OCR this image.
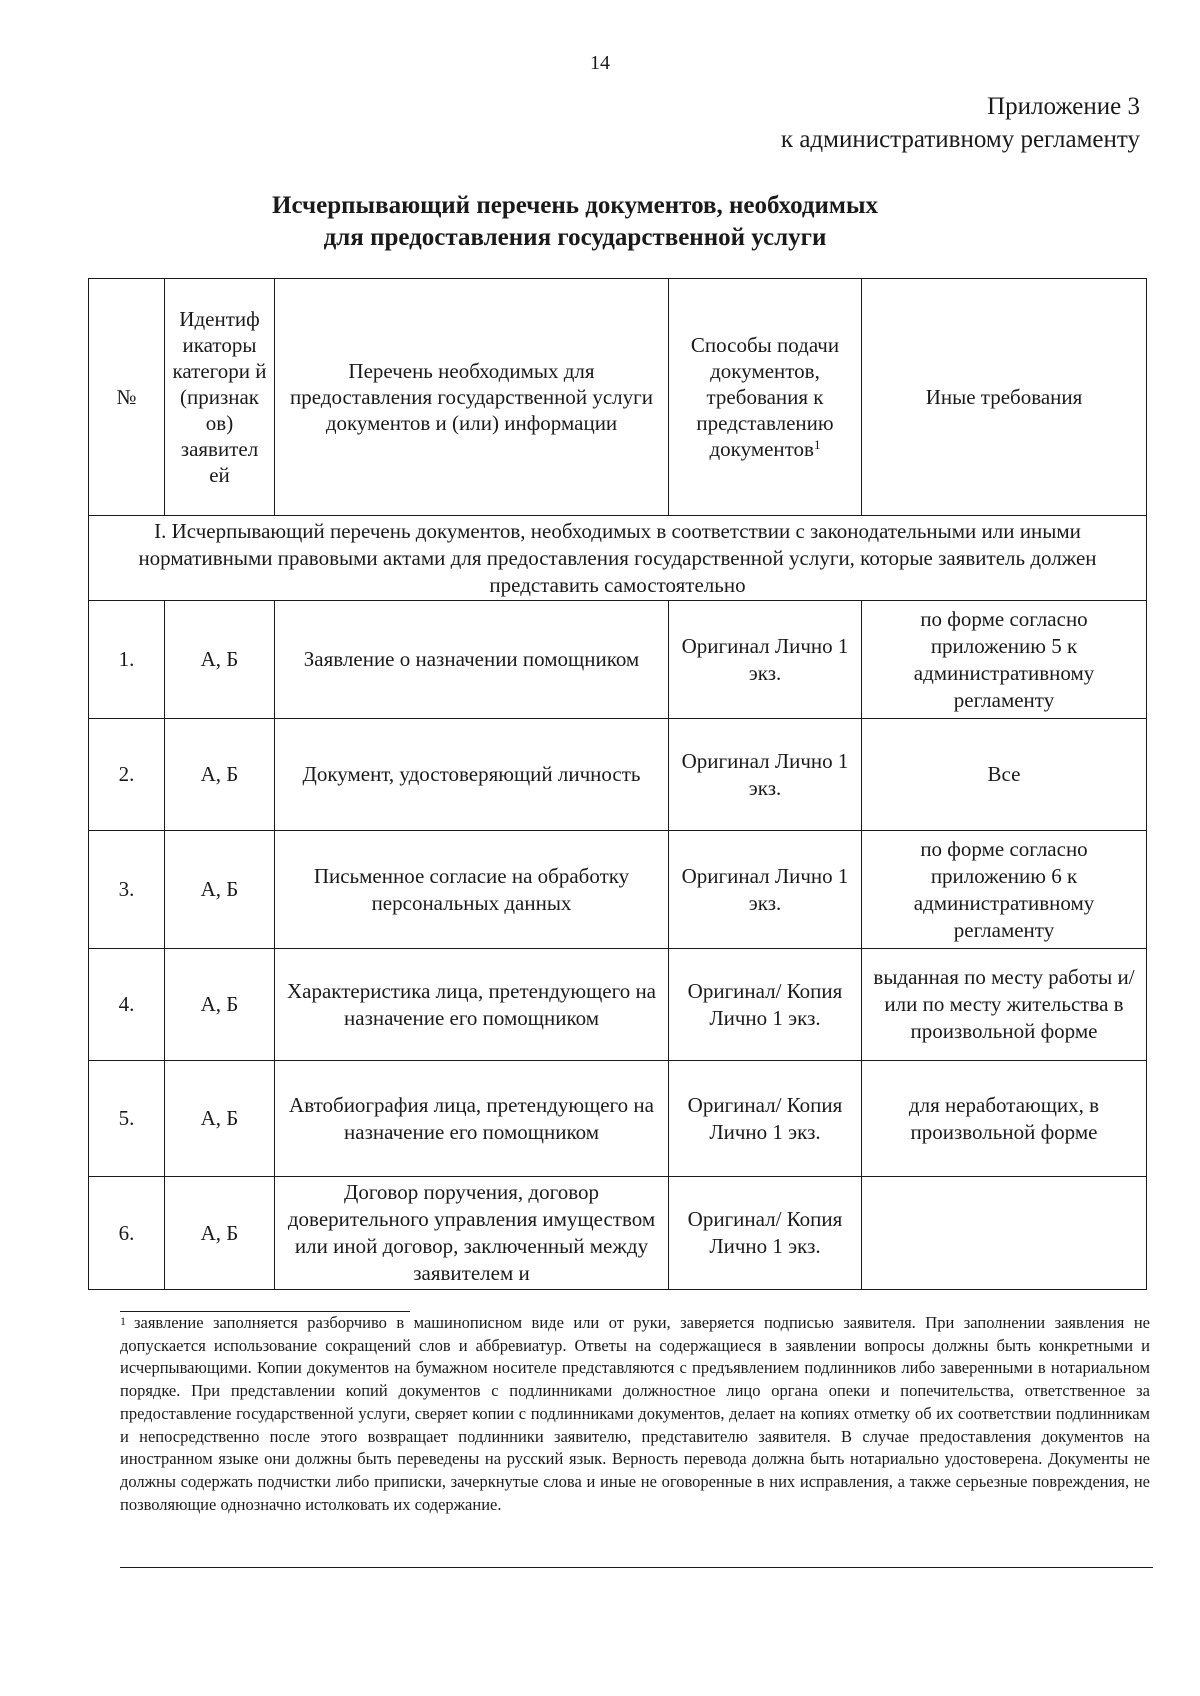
14
Приложение 3
к административному регламенту
Исчерпывающий перечень документов, необходимых
для предоставления государственной услуги
№	Идентиф икаторы категори й (признак ов) заявител ей	Перечень необходимых для предоставления государственной услуги документов и (или) информации	Способы подачи документов, требования к представлению документов$^1$	Иные требования
I. Исчерпывающий перечень документов, необходимых в соответствии с законодательными или иными нормативными правовыми актами для предоставления государственной услуги, которые заявитель должен представить самостоятельно				
1.	А, Б	Заявление о назначении помощником	Оригинал Лично 1 экз.	по форме согласно приложению 5 к административному регламенту
2.	А, Б	Документ, удостоверяющий личность	Оригинал Лично 1 экз.	Все
3.	А, Б	Письменное согласие на обработку персональных данных	Оригинал Лично 1 экз.	по форме согласно приложению 6 к административному регламенту
4.	А, Б	Характеристика лица, претендующего на назначение его помощником	Оригинал/ Копия Лично 1 экз.	выданная по месту работы и/или по месту жительства в произвольной форме
5.	А, Б	Автобиография лица, претендующего на назначение его помощником	Оригинал/ Копия Лично 1 экз.	для неработающих, в произвольной форме
6.	А, Б	Договор поручения, договор доверительного управления имуществом или иной договор, заключенный между заявителем и	Оригинал/ Копия Лично 1 экз.	
$^1$ заявление заполняется разборчиво в машинописном виде или от руки, заверяется подписью заявителя. При заполнении заявления не допускается использование сокращений слов и аббревиатур. Ответы на содержащиеся в заявлении вопросы должны быть конкретными и исчерпывающими. Копии документов на бумажном носителе представляются с предъявлением подлинников либо заверенными в нотариальном порядке. При представлении копий документов с подлинниками должностное лицо органа опеки и попечительства, ответственное за предоставление государственной услуги, сверяет копии с подлинниками документов, делает на копиях отметку об их соответствии подлинникам и непосредственно после этого возвращает подлинники заявителю, представителю заявителя. В случае предоставления документов на иностранном языке они должны быть переведены на русский язык. Верность перевода должна быть нотариально удостоверена. Документы не должны содержать подчистки либо приписки, зачеркнутые слова и иные не оговоренные в них исправления, а также серьезные повреждения, не позволяющие однозначно истолковать их содержание.
